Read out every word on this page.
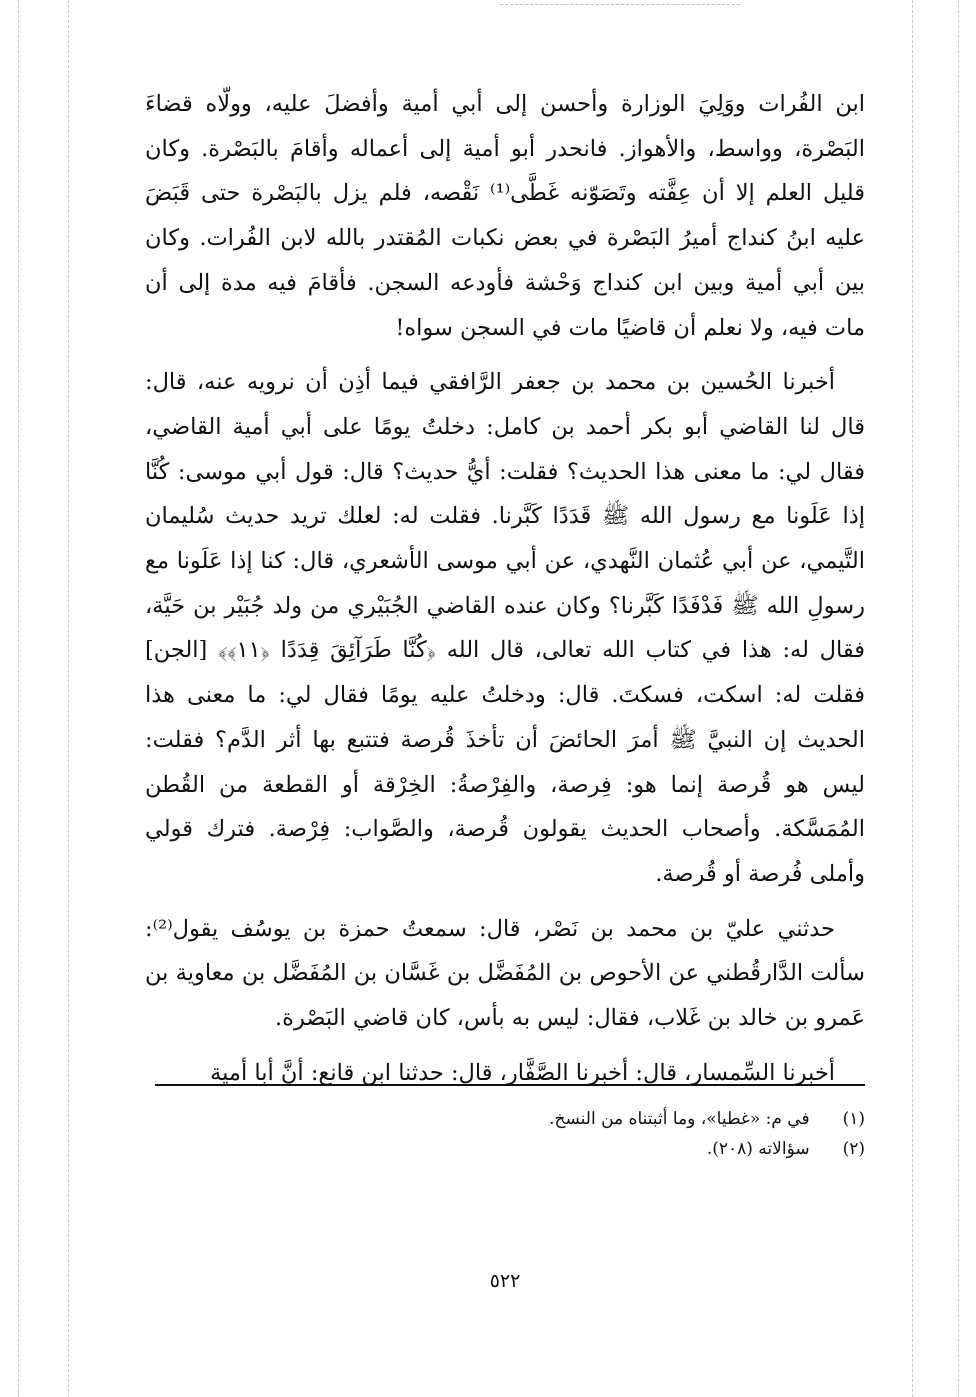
ابن الفُرات ووَلِيَ الوزارة وأحسن إلى أبي أمية وأفضلَ عليه، وولّاه قضاءَ البَصْرة، وواسط، والأهواز. فانحدر أبو أمية إلى أعماله وأقامَ بالبَصْرة. وكان قليل العلم إلا أن عِفَّته وتَصَوّنه غَطَّى⁽¹⁾ نَقْصه، فلم يزل بالبَصْرة حتى قَبَضَ عليه ابنُ كنداج أميرُ البَصْرة في بعض نكبات المُقتدر بالله لابن الفُرات. وكان بين أبي أمية وبين ابن كنداج وَحْشة فأودعه السجن. فأقامَ فيه مدة إلى أن مات فيه، ولا نعلم أن قاضيًا مات في السجن سواه!

أخبرنا الحُسين بن محمد بن جعفر الرَّافقي فيما أذِن أن نرويه عنه، قال: قال لنا القاضي أبو بكر أحمد بن كامل: دخلتُ يومًا على أبي أمية القاضي، فقال لي: ما معنى هذا الحديث؟ فقلت: أيُّ حديث؟ قال: قول أبي موسى: كُنَّا إذا عَلَونا مع رسول الله ﷺ قَدَدًا كَبَّرنا. فقلت له: لعلك تريد حديث سُليمان التَّيمي، عن أبي عُثمان النَّهدي، عن أبي موسى الأشعري، قال: كنا إذا عَلَونا مع رسولِ الله ﷺ فَدْفَدًا كَبَّرنا؟ وكان عنده القاضي الجُبَيْري من ولد جُبَيْر بن حَيَّة، فقال له: هذا في كتاب الله تعالى، قال الله ﴿كُنَّا طَرَآئِقَ قِدَدًا ﴿١١﴾﴾ [الجن] فقلت له: اسكت، فسكتَ. قال: ودخلتُ عليه يومًا فقال لي: ما معنى هذا الحديث إن النبيَّ ﷺ أمرَ الحائضَ أن تأخذَ قُرصة فتتبع بها أثر الدَّم؟ فقلت: ليس هو قُرصة إنما هو: فِرصة، والفِرْصةُ: الخِرْقة أو القطعة من القُطن المُمَسَّكة. وأصحاب الحديث يقولون قُرصة، والصَّواب: فِرْصة. فترك قولي وأملى فُرصة أو قُرصة.

حدثني عليّ بن محمد بن نَصْر، قال: سمعتُ حمزة بن يوسُف يقول⁽²⁾: سألت الدَّارقُطني عن الأحوص بن المُفَضَّل بن غَسَّان بن المُفَضَّل بن معاوية بن عَمرو بن خالد بن غَلاب، فقال: ليس به بأس، كان قاضي البَصْرة.

أخبرنا السِّمسار، قال: أخبرنا الصَّفَّار، قال: حدثنا ابن قانع: أنَّ أبا أمية

(١) في م: «غطيا»، وما أثبتناه من النسخ.

(٢) سؤالاته (٢٠٨).

٥٢٢
